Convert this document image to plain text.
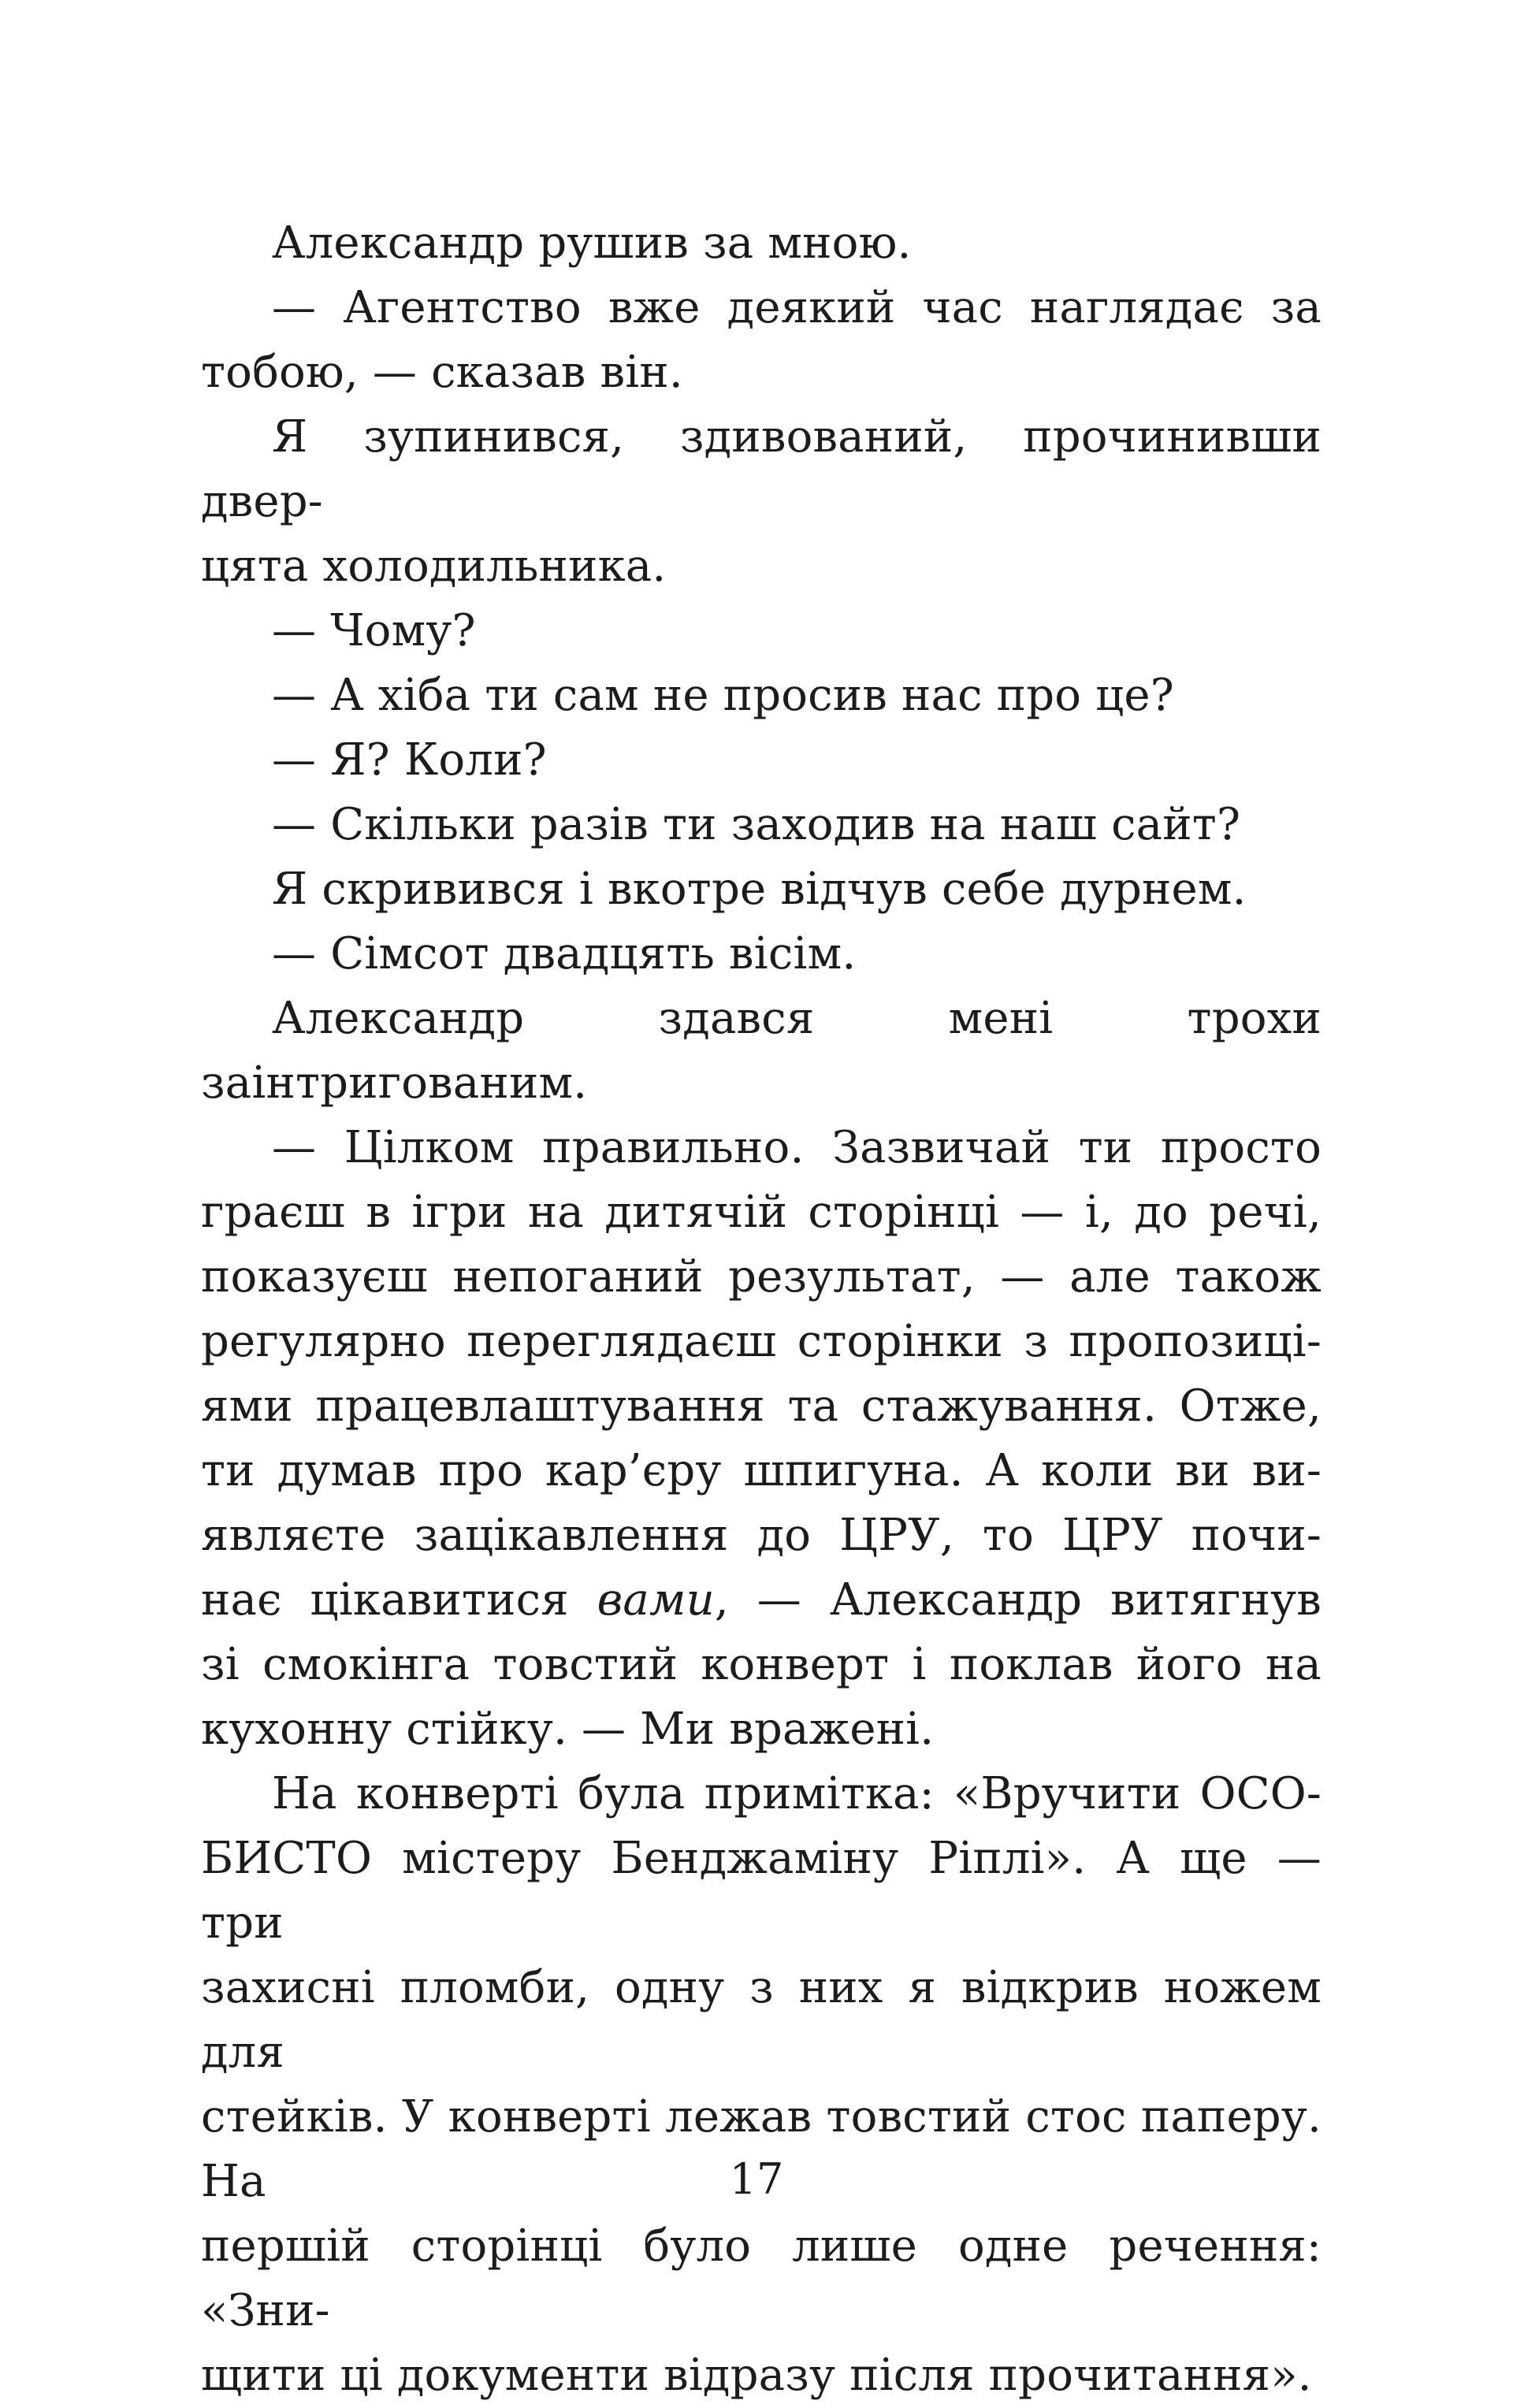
Александр рушив за мною.
— Агентство вже деякий час наглядає за
тобою, — сказав він.
Я зупинився, здивований, прочинивши двер-
цята холодильника.
— Чому?
— А хіба ти сам не просив нас про це?
— Я? Коли?
— Скільки разів ти заходив на наш сайт?
Я скривився і вкотре відчув себе дурнем.
— Сімсот двадцять вісім.
Александр здався мені трохи заінтригованим.
— Цілком правильно. Зазвичай ти просто
граєш в ігри на дитячій сторінці — і, до речі,
показуєш непоганий результат, — але також
регулярно переглядаєш сторінки з пропозиці-
ями працевлаштування та стажування. Отже,
ти думав про кар’єру шпигуна. А коли ви ви-
являєте зацікавлення до ЦРУ, то ЦРУ почи-
нає цікавитися вами, — Александр витягнув
зі смокінга товстий конверт і поклав його на
кухонну стійку. — Ми вражені.
На конверті була примітка: «Вручити ОСО-
БИСТО містеру Бенджаміну Ріплі». А ще — три
захисні пломби, одну з них я відкрив ножем для
стейків. У конверті лежав товстий стос паперу. На
першій сторінці було лише одне речення: «Зни-
щити ці документи відразу після прочитання».
17
